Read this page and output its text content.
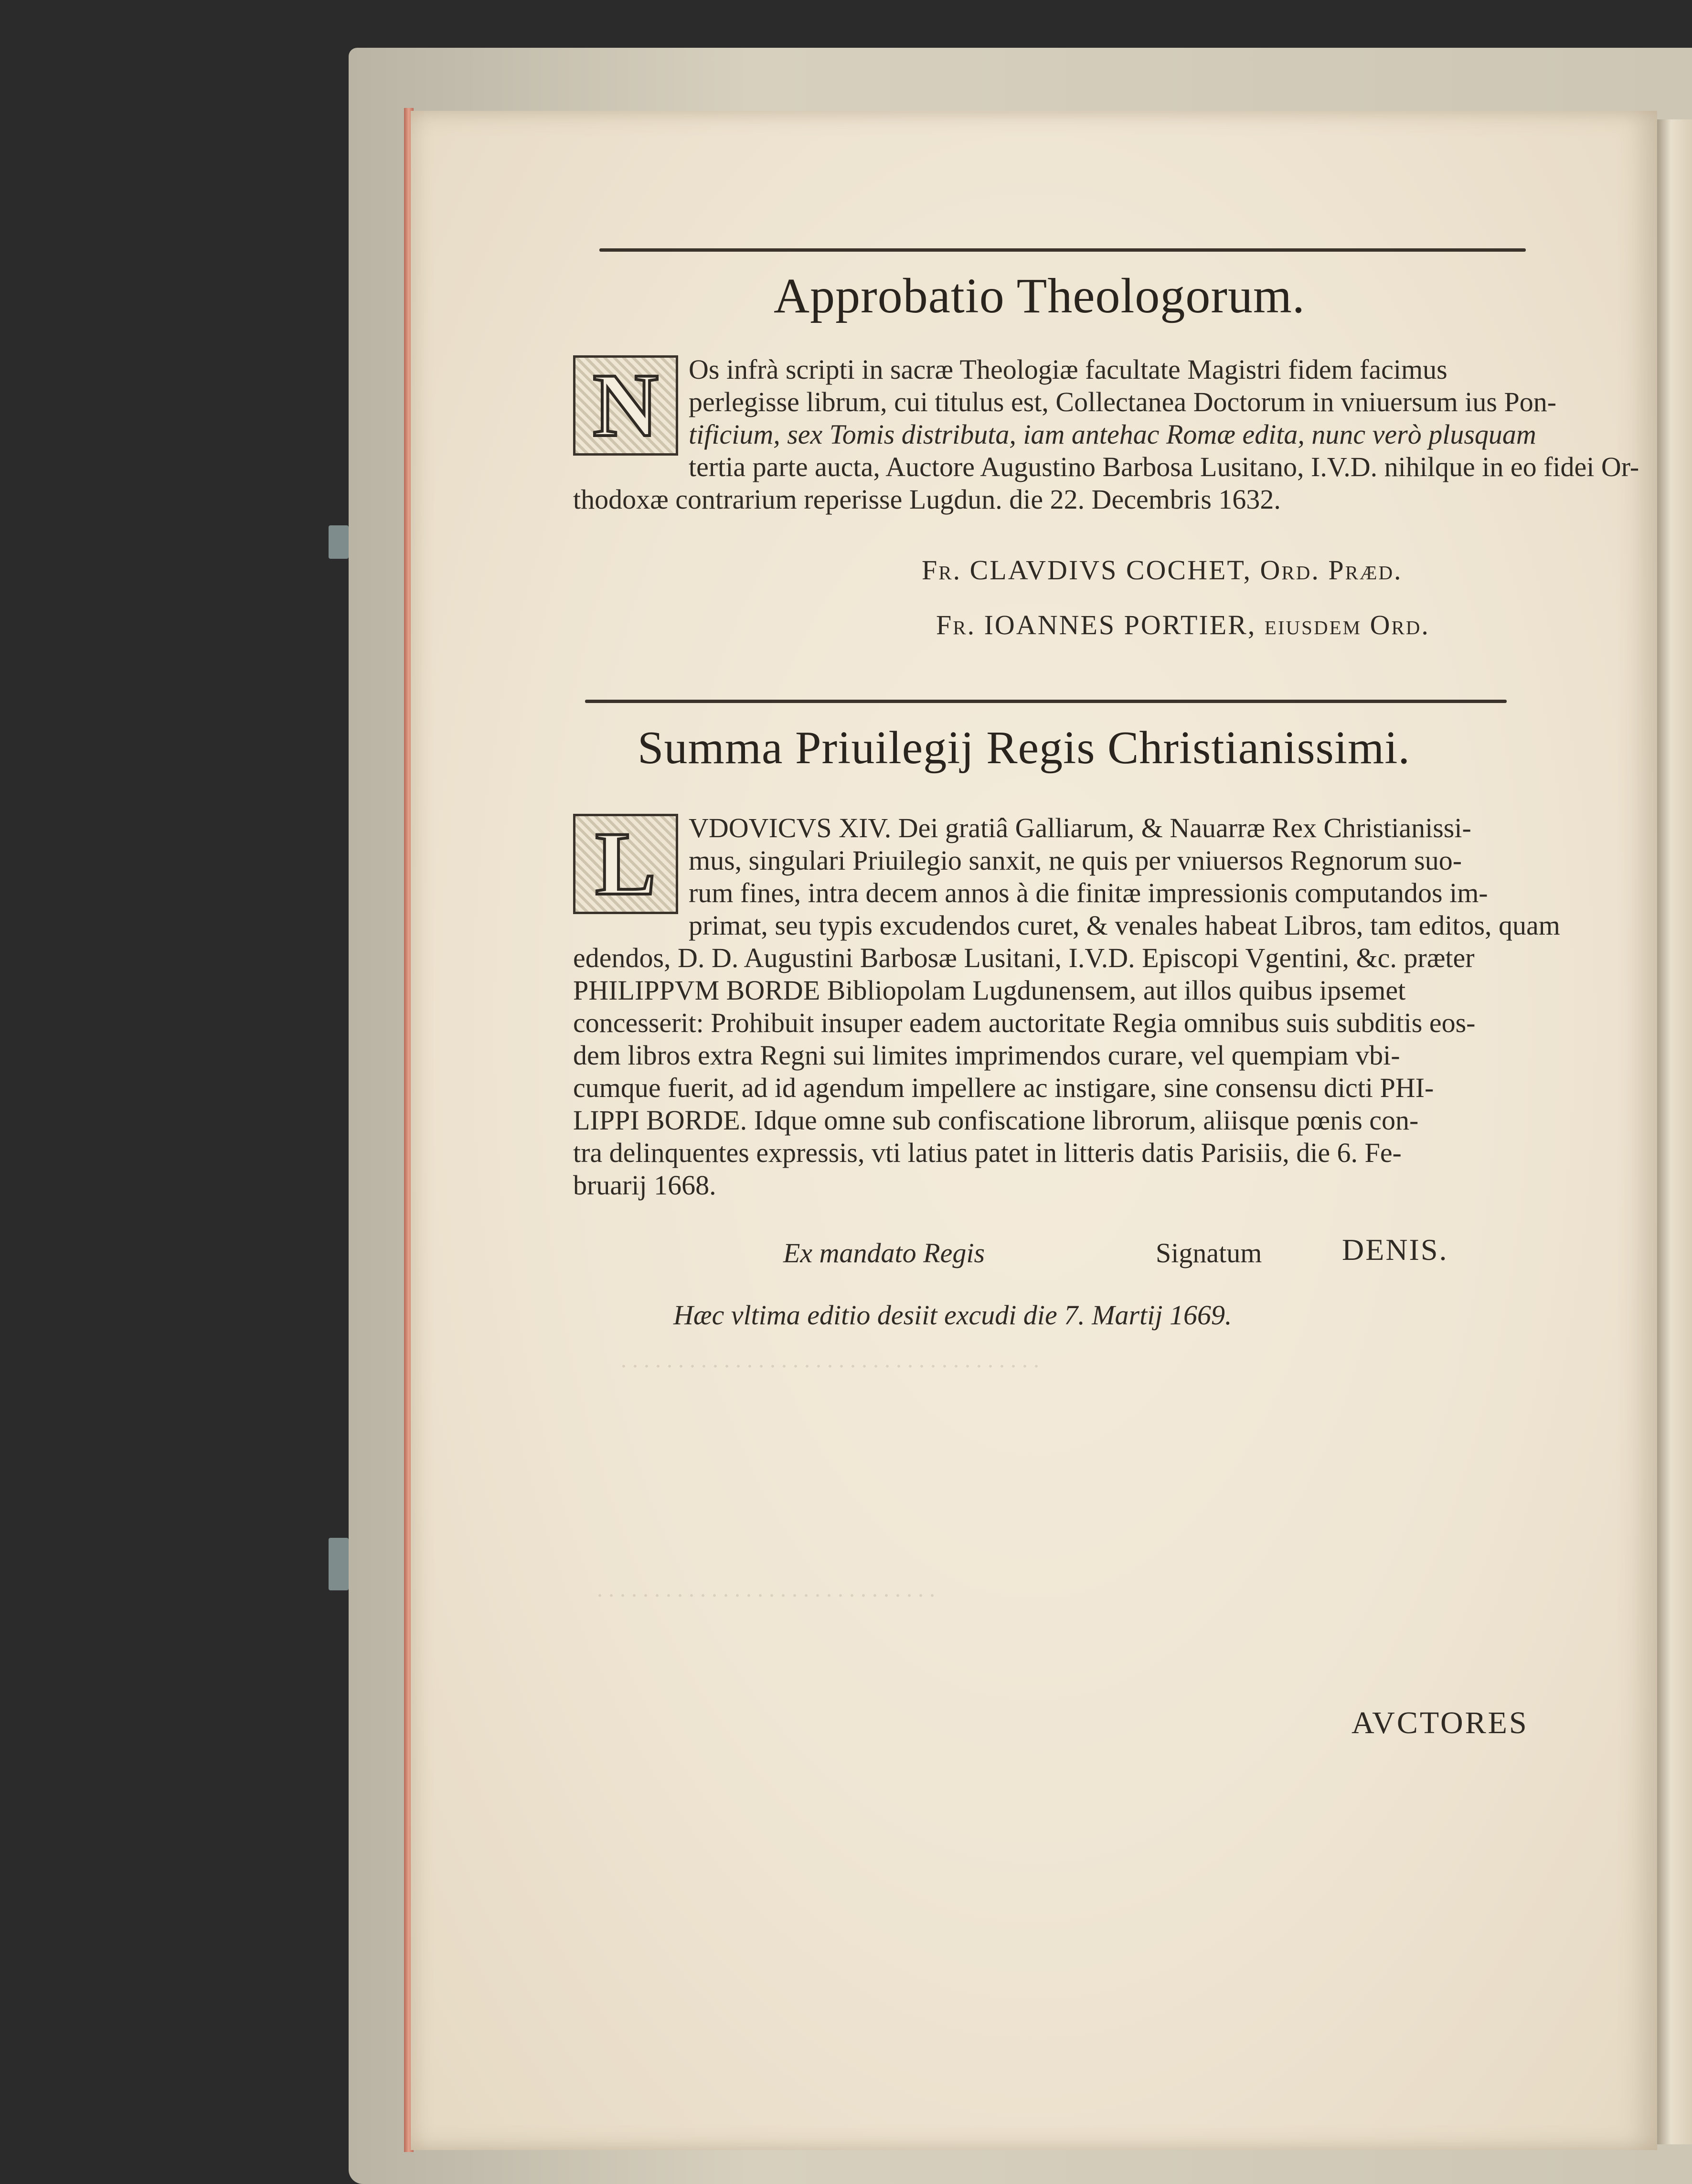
. . . . . . . . . . . . . . . . . . . . . . . . . . . . . . . . . . . . .
. . . . . . . . . . . . . . . . . . . . . . . . . . . . . .
Approbatio Theologorum.
N	Os infrà scripti in sacræ Theologiæ facultate Magistri fidem facimus
perlegisse librum, cui titulus est, Collectanea Doctorum in vniuersum ius Pon-
tificium, sex Tomis distributa, iam antehac Romæ edita, nunc verò plusquam
tertia parte aucta, Auctore Augustino Barbosa Lusitano, I.V.D. nihilque in eo fidei Or-
thodoxæ contrarium reperisse Lugdun. die 22. Decembris 1632.
Fr. CLAVDIVS COCHET, Ord. Præd.
Fr. IOANNES PORTIER, eiusdem Ord.
Summa Priuilegij Regis Christianissimi.
L	VDOVICVS XIV. Dei gratiâ Galliarum, & Nauarræ Rex Christianissi-
mus, singulari Priuilegio sanxit, ne quis per vniuersos Regnorum suo-
rum fines, intra decem annos à die finitæ impressionis computandos im-
primat, seu typis excudendos curet, & venales habeat Libros, tam editos, quam
edendos, D. D. Augustini Barbosæ Lusitani, I.V.D. Episcopi Vgentini, &c. præter
PHILIPPVM BORDE Bibliopolam Lugdunensem, aut illos quibus ipsemet
concesserit: Prohibuit insuper eadem auctoritate Regia omnibus suis subditis eos-
dem libros extra Regni sui limites imprimendos curare, vel quempiam vbi-
cumque fuerit, ad id agendum impellere ac instigare, sine consensu dicti PHI-
LIPPI BORDE. Idque omne sub confiscatione librorum, aliisque pœnis con-
tra delinquentes expressis, vti latius patet in litteris datis Parisiis, die 6. Fe-
bruarij 1668.
Ex mandato Regis	Signatum	DENIS.
Hæc vltima editio desiit excudi die 7. Martij 1669.
AVCTORES
